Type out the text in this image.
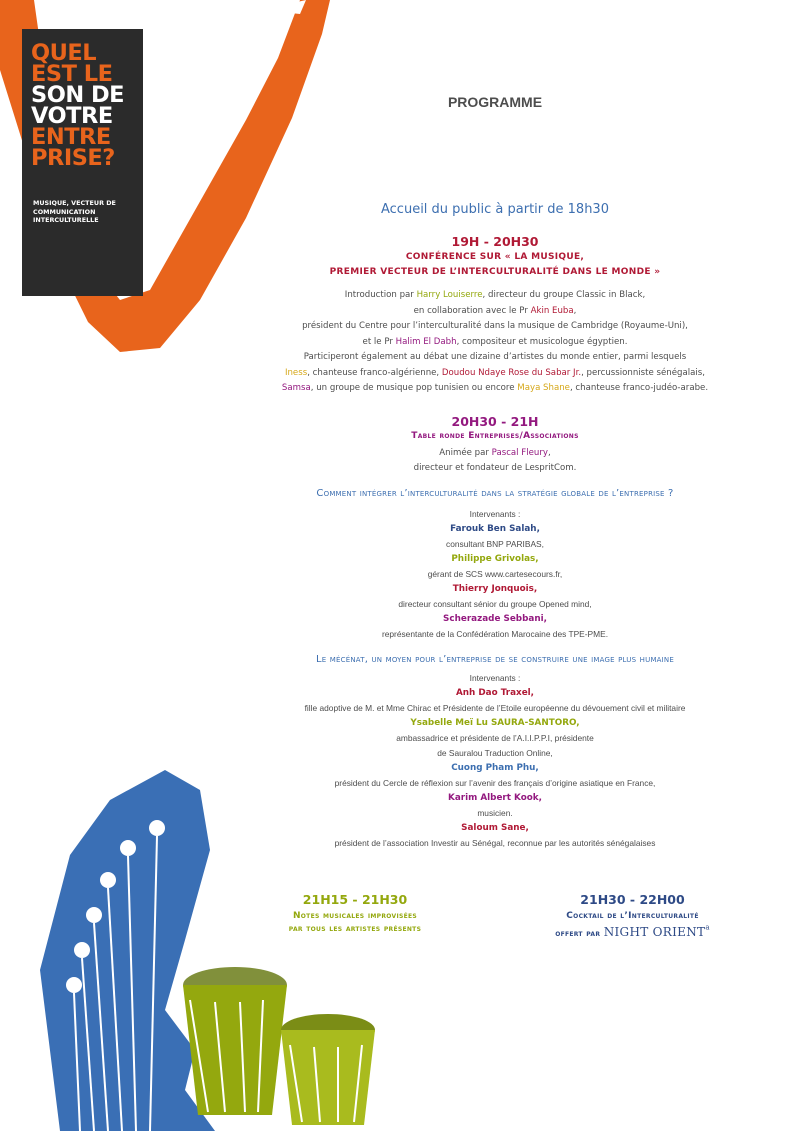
QUEL
EST LE
SON DE
VOTRE
ENTRE
PRISE?
MUSIQUE, VECTEUR DE COMMUNICATION INTERCULTURELLE
PROGRAMME
Accueil du public à partir de 18h30
19H - 20H30
CONFÉRENCE SUR « LA MUSIQUE,
PREMIER VECTEUR DE L’INTERCULTURALITÉ DANS LE MONDE »
Introduction par Harry Louiserre, directeur du groupe Classic in Black,
en collaboration avec le Pr Akin Euba,
président du Centre pour l’interculturalité dans la musique de Cambridge (Royaume-Uni),
et le Pr Halim El Dabh, compositeur et musicologue égyptien.
Participeront également au débat une dizaine d’artistes du monde entier, parmi lesquels
Iness, chanteuse franco-algérienne, Doudou Ndaye Rose du Sabar Jr., percussionniste sénégalais,
Samsa, un groupe de musique pop tunisien ou encore Maya Shane, chanteuse franco-judéo-arabe.
20H30 - 21H
Table ronde Entreprises/Associations
Animée par Pascal Fleury,
directeur et fondateur de LespritCom.
Comment intégrer l’interculturalité dans la stratégie globale de l’entreprise ?
Intervenants :
Farouk Ben Salah,
consultant BNP PARIBAS,
Philippe Grivolas,
gérant de SCS www.cartesecours.fr,
Thierry Jonquois,
directeur consultant sénior du groupe Opened mind,
Scherazade Sebbani,
représentante de la Confédération Marocaine des TPE-PME.
Le mécénat, un moyen pour l’entreprise de se construire une image plus humaine
Intervenants :
Anh Dao Traxel,
fille adoptive de M. et Mme Chirac et Présidente de l’Etoile européenne du dévouement civil et militaire
Ysabelle Meï Lu SAURA-SANTORO,
ambassadrice et présidente de l’A.I.I.P.P.I, présidente
de Sauralou Traduction Online,
Cuong Pham Phu,
président du Cercle de réflexion sur l’avenir des français d’origine asiatique en France,
Karim Albert Kook,
musicien.
Saloum Sane,
président de l’association Investir au Sénégal, reconnue par les autorités sénégalaises
21H15 - 21H30
Notes musicales improvisées
par tous les artistes présents
21H30 - 22H00
Cocktail de l’Interculturalité
offert par NIGHT ORIENT$^a$
